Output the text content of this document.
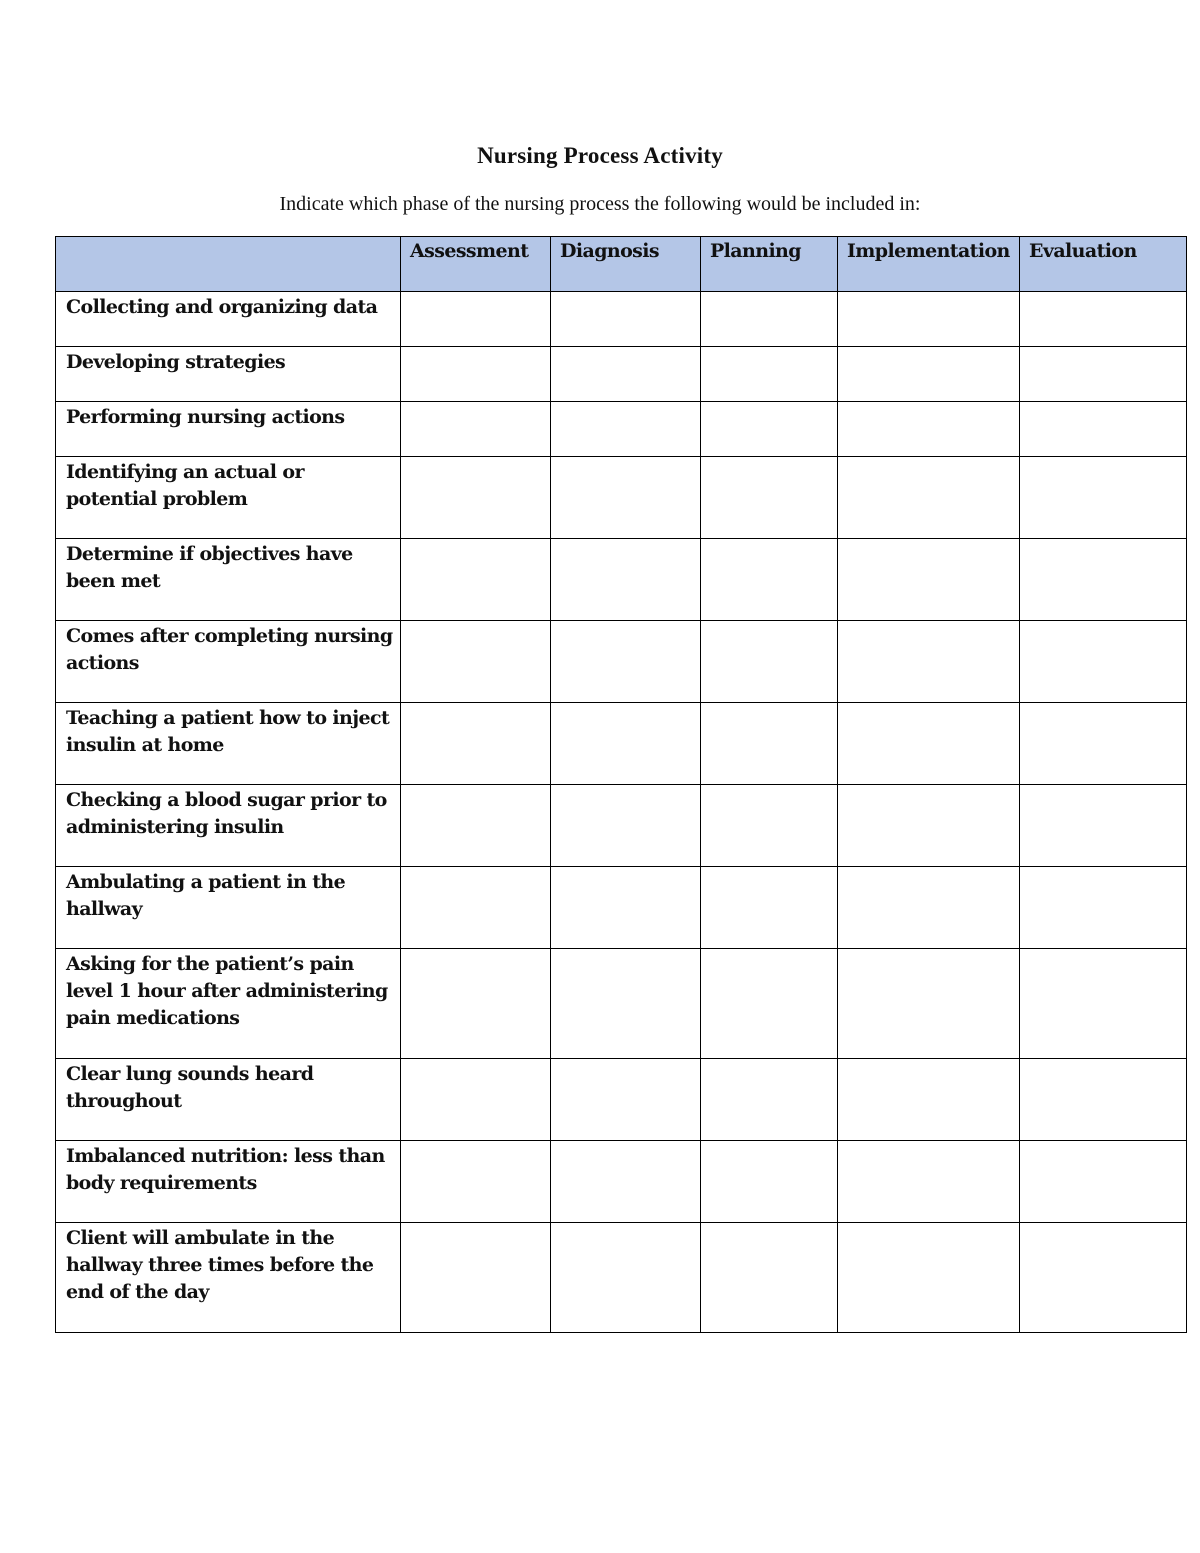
Nursing Process Activity
Indicate which phase of the nursing process the following would be included in:

	Assessment	Diagnosis	Planning	Implementation	Evaluation

Collecting and organizing data					

Developing strategies					

Performing nursing actions					

Identifying an actual or potential problem					

Determine if objectives have been met					

Comes after completing nursing actions					

Teaching a patient how to inject insulin at home					

Checking a blood sugar prior to administering insulin					

Ambulating a patient in the hallway					

Asking for the patient’s pain level 1 hour after administering pain medications					

Clear lung sounds heard throughout					

Imbalanced nutrition: less than body requirements					

Client will ambulate in the hallway three times before the end of the day					
